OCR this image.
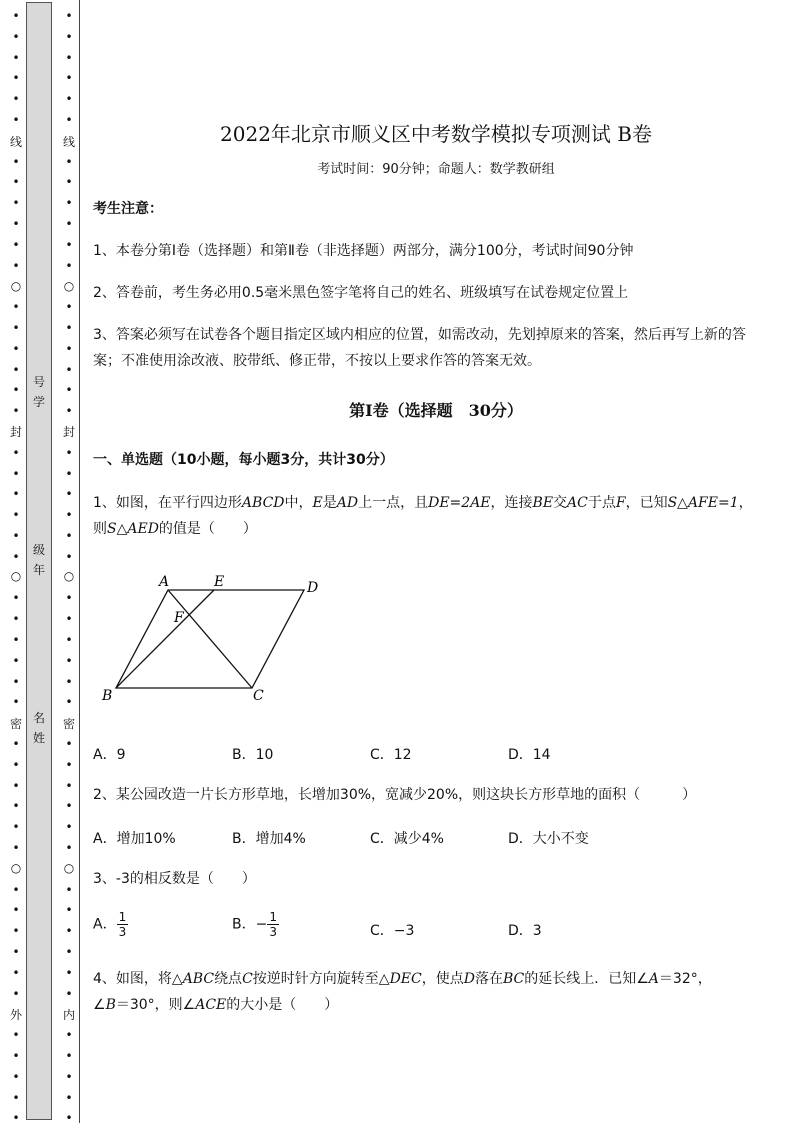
•
•
•
•
•
•
•
•
•
•
•
•
•
•
•
•
•
•
•
•
•
•
•
•
•
•
•
•
•
•
•
•
•
•
•
•
•
•
•
•
•
•
•
•
•
•
•
线
○
封
○
密
○
外
•
•
•
•
•
•
•
•
•
•
•
•
•
•
•
•
•
•
•
•
•
•
•
•
•
•
•
•
•
•
•
•
•
•
•
•
•
•
•
•
•
•
•
•
•
•
•
线
○
封
○
密
○
内
号
学
级
年
名
姓
2022年北京市顺义区中考数学模拟专项测试 B卷
考试时间：90分钟；命题人：数学教研组
考生注意：
1、本卷分第I卷（选择题）和第Ⅱ卷（非选择题）两部分，满分100分，考试时间90分钟
2、答卷前，考生务必用0.5毫米黑色签字笔将自己的姓名、班级填写在试卷规定位置上
3、答案必须写在试卷各个题目指定区域内相应的位置，如需改动，先划掉原来的答案，然后再写上新的答案；不准使用涂改液、胶带纸、修正带，不按以上要求作答的答案无效。
第I卷（选择题　30分）
一、单选题（10小题，每小题3分，共计30分）
1、如图，在平行四边形ABCD中，E是AD上一点，且DE=2AE，连接BE交AC于点F，已知S△AFE=1，
则S△AED的值是（　　）
A	E	D
F
B	C
A．9	B．10	C．12	D．14
2、某公园改造一片长方形草地，长增加30%，宽减少20%，则这块长方形草地的面积（　　　）
A．增加10%	B．增加4%	C．减少4%	D．大小不变
3、-3的相反数是（　　）
A． $\frac{1}{3}$	B．− $\frac{1}{3}$	C．−3	D．3
4、如图，将△ABC绕点C按逆时针方向旋转至△DEC，使点D落在BC的延长线上．已知∠A＝32°，
∠B＝30°，则∠ACE的大小是（　　）
